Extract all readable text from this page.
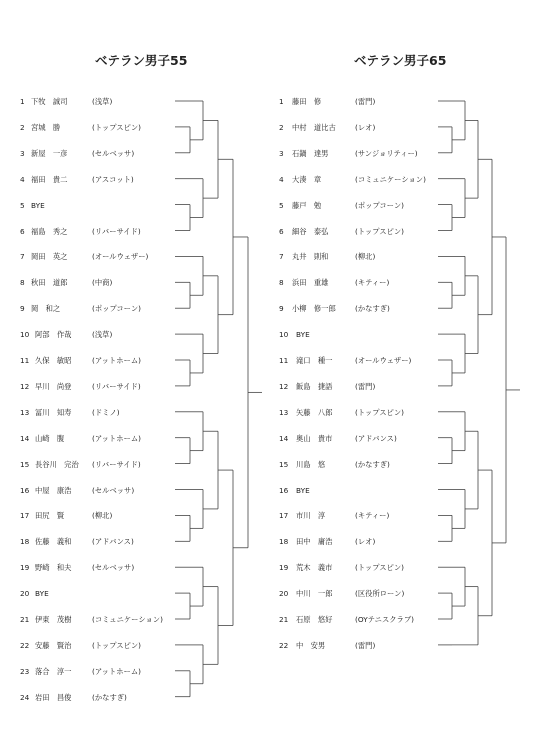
ベテラン男子55	ベテラン男子65
1 下牧　誠司	(浅草)
2 宮城　勝	(トップスピン)
3 新屋　一彦	(セルベッサ)
4 福田　貴二	(アスコット)
5 BYE
6 福島　秀之	(リバーサイド)
7 岡田　英之	(オールウェザー)
8 秋田　道郎	(中商)
9 岡　和之	(ポップコーン)
10 阿部　作哉	(浅草)
11 久保　敏昭	(アットホーム)
12 早川　尚登	(リバーサイド)
13 冨川　知寿	(ドミノ)
14 山崎　腹	(アットホーム)
15 長谷川　完治 (リバーサイド)
16 中屋　康浩	(セルベッサ)
17 田尻　賢	(柳北)
18 佐藤　義和	(アドバンス)
19 野崎　和夫	(セルベッサ)
20 BYE
21 伊東　茂樹	(コミュニケーション)
22 安藤　賢治	(トップスピン)
23 落合　淳一	(アットホーム)
24 岩田　昌俊	(かなすぎ)
1 藤田　修	(雷門)
2 中村　道比古	(レオ)
3 石鍋　達男	(サンジョリティー)
4 大湊　章	(コミュニケーション)
5 藤戸　勉	(ポップコーン)
6 細谷　泰弘	(トップスピン)
7 丸井　則和	(柳北)
8 浜田　重雄	(キティー)
9 小柳　修一郎	(かなすぎ)
10 BYE
11 滝口　種一	(オールウェザー)
12 飯島　捷語	(雷門)
13 矢藤　八郎	(トップスピン)
14 奥山　貴市	(アドバンス)
15 川島　悠	(かなすぎ)
16 BYE
17 市川　淳	(キティー)
18 田中　庸浩	(レオ)
19 荒木　義市	(トップスピン)
20 中川　一郎	(区役所ローン)
21 石原　悠好	(OYテニスクラブ)
22 中　安男	(雷門)
